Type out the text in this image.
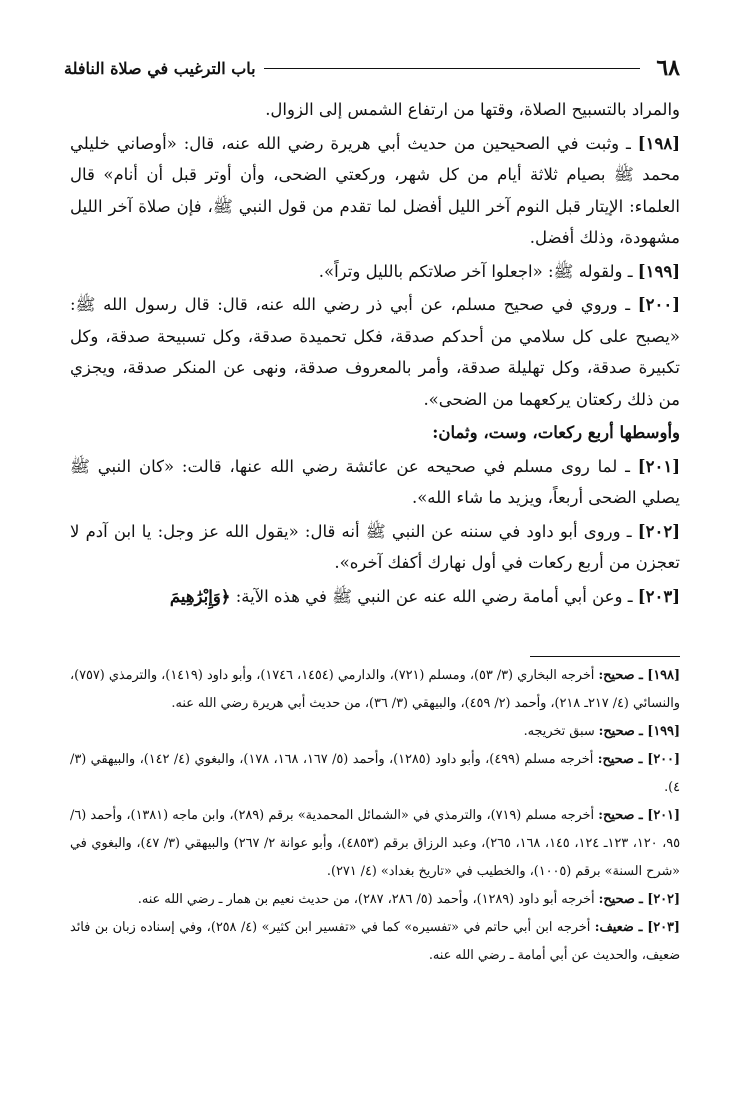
٦٨
باب الترغيب في صلاة النافلة

والمراد بالتسبيح الصلاة، وقتها من ارتفاع الشمس إلى الزوال.

[١٩٨] ـ وثبت في الصحيحين من حديث أبي هريرة رضي الله عنه، قال: «أوصاني خليلي محمد ﷺ بصيام ثلاثة أيام من كل شهر، وركعتي الضحى، وأن أوتر قبل أن أنام» قال العلماء: الإيتار قبل النوم آخر الليل أفضل لما تقدم من قول النبي ﷺ، فإن صلاة آخر الليل مشهودة، وذلك أفضل.

[١٩٩] ـ ولقوله ﷺ: «اجعلوا آخر صلاتكم بالليل وتراً».

[٢٠٠] ـ وروي في صحيح مسلم، عن أبي ذر رضي الله عنه، قال: قال رسول الله ﷺ: «يصبح على كل سلامي من أحدكم صدقة، فكل تحميدة صدقة، وكل تسبيحة صدقة، وكل تكبيرة صدقة، وكل تهليلة صدقة، وأمر بالمعروف صدقة، ونهى عن المنكر صدقة، ويجزي من ذلك ركعتان يركعهما من الضحى».

وأوسطها أربع ركعات، وست، وثمان:

[٢٠١] ـ لما روى مسلم في صحيحه عن عائشة رضي الله عنها، قالت: «كان النبي ﷺ يصلي الضحى أربعاً، ويزيد ما شاء الله».

[٢٠٢] ـ وروى أبو داود في سننه عن النبي ﷺ أنه قال: «يقول الله عز وجل: يا ابن آدم لا تعجزن من أربع ركعات في أول نهارك أكفك آخره».

[٢٠٣] ـ وعن أبي أمامة رضي الله عنه عن النبي ﷺ في هذه الآية: ﴿وَإِبْرَٰهِيمَ

[١٩٨] ـ صحيح: أخرجه البخاري (٣/ ٥٣)، ومسلم (٧٢١)، والدارمي (١٤٥٤، ١٧٤٦)، وأبو داود (١٤١٩)، والترمذي (٧٥٧)، والنسائي (٤/ ٢١٧ـ ٢١٨)، وأحمد (٢/ ٤٥٩)، والبيهقي (٣/ ٣٦)، من حديث أبي هريرة رضي الله عنه.

[١٩٩] ـ صحيح: سبق تخريجه.

[٢٠٠] ـ صحيح: أخرجه مسلم (٤٩٩)، وأبو داود (١٢٨٥)، وأحمد (٥/ ١٦٧، ١٦٨، ١٧٨)، والبغوي (٤/ ١٤٢)، والبيهقي (٣/ ٤).

[٢٠١] ـ صحيح: أخرجه مسلم (٧١٩)، والترمذي في «الشمائل المحمدية» برقم (٢٨٩)، وابن ماجه (١٣٨١)، وأحمد (٦/ ٩٥، ١٢٠، ١٢٣ـ ١٢٤، ١٤٥، ١٦٨، ٢٦٥)، وعبد الرزاق برقم (٤٨٥٣)، وأبو عوانة ٢/ ٢٦٧) والبيهقي (٣/ ٤٧)، والبغوي في «شرح السنة» برقم (١٠٠٥)، والخطيب في «تاريخ بغداد» (٤/ ٢٧١).

[٢٠٢] ـ صحيح: أخرجه أبو داود (١٢٨٩)، وأحمد (٥/ ٢٨٦، ٢٨٧)، من حديث نعيم بن همار ـ رضي الله عنه.

[٢٠٣] ـ ضعيف: أخرجه ابن أبي حاتم في «تفسيره» كما في «تفسير ابن كثير» (٤/ ٢٥٨)، وفي إسناده زبان بن فائد ضعيف، والحديث عن أبي أمامة ـ رضي الله عنه.
